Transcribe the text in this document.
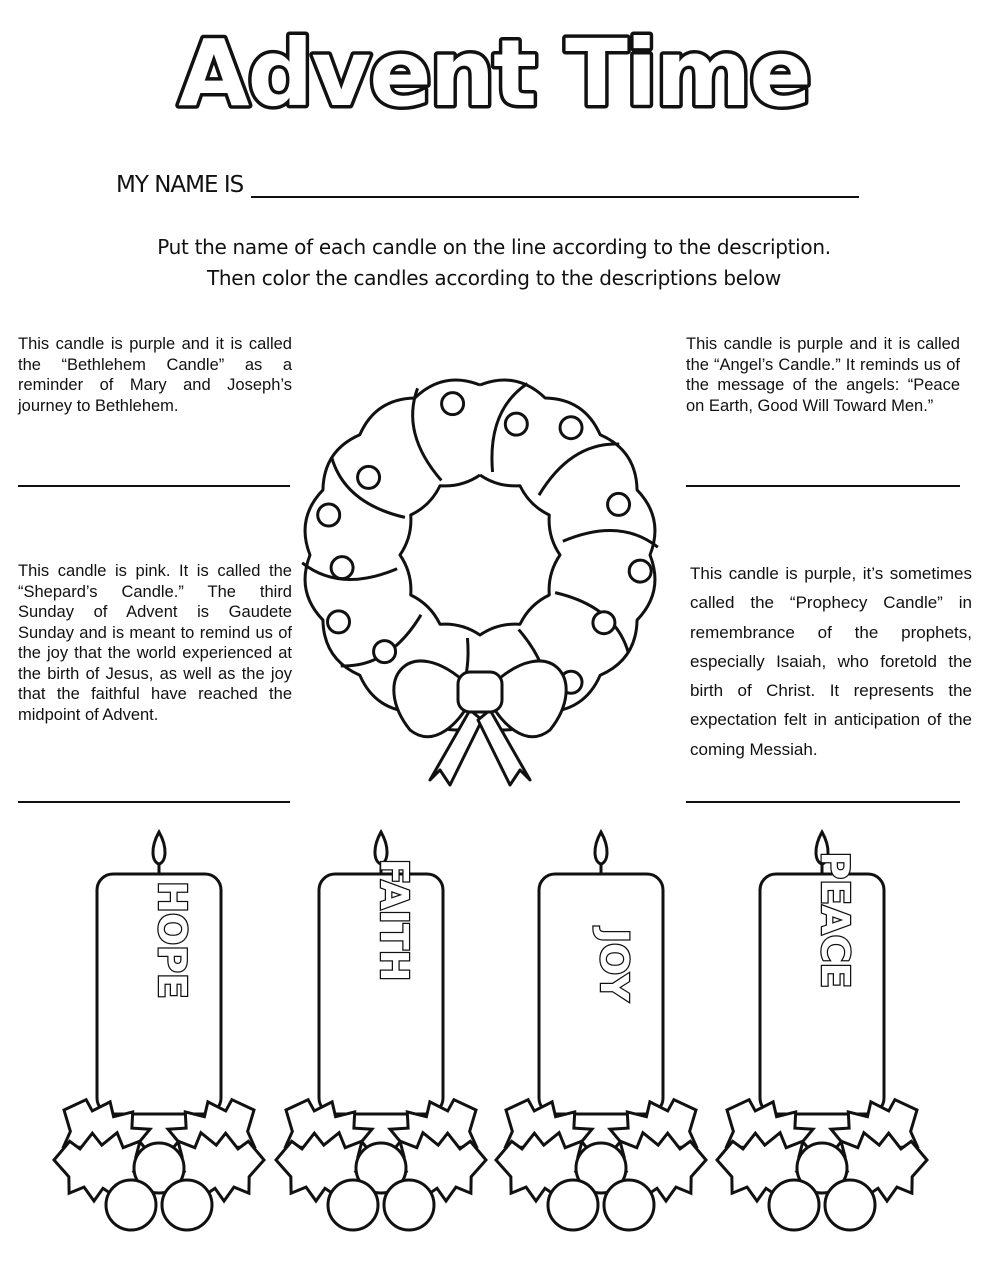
Advent Time
MY NAME IS
Put the name of each candle on the line according to the description.
Then color the candles according to the descriptions below
This candle is purple and it is called the “Bethlehem Candle” as a reminder of Mary and Joseph’s journey to Bethlehem.
This candle is purple and it is called the “Angel’s Candle.” It reminds us of the message of the angels: “Peace on Earth, Good Will Toward Men.”
This candle is pink. It is called the “Shepard’s Candle.” The third Sunday of Advent is Gaudete Sunday and is meant to remind us of the joy that the world experienced at the birth of Jesus, as well as the joy that the faithful have reached the midpoint of Advent.
This candle is purple, it’s sometimes called the “Prophecy Candle” in remembrance of the prophets, especially Isaiah, who foretold the birth of Christ. It represents the expectation felt in anticipation of the coming Messiah.
HOPE	FAITH	JOY	PEACE
